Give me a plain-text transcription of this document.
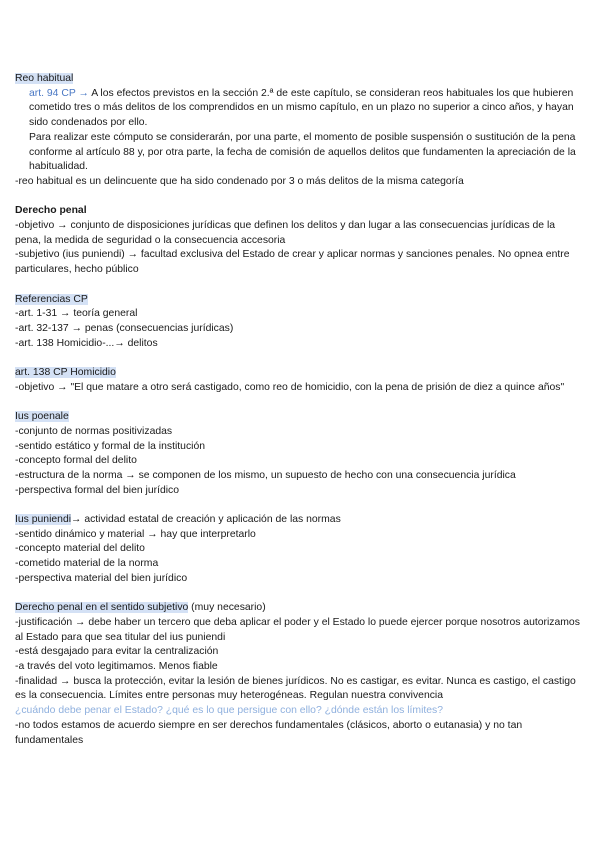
Reo habitual

art. 94 CP → A los efectos previstos en la sección 2.ª de este capítulo, se consideran reos habituales los que hubieren cometido tres o más delitos de los comprendidos en un mismo capítulo, en un plazo no superior a cinco años, y hayan sido condenados por ello.

Para realizar este cómputo se considerarán, por una parte, el momento de posible suspensión o sustitución de la pena conforme al artículo 88 y, por otra parte, la fecha de comisión de aquellos delitos que fundamenten la apreciación de la habitualidad.

-reo habitual es un delincuente que ha sido condenado por 3 o más delitos de la misma categoría

Derecho penal

-objetivo → conjunto de disposiciones jurídicas que definen los delitos y dan lugar a las consecuencias jurídicas de la pena, la medida de seguridad o la consecuencia accesoria

-subjetivo (ius puniendi) → facultad exclusiva del Estado de crear y aplicar normas y sanciones penales. No opnea entre particulares, hecho público

Referencias CP

-art. 1-31 → teoría general

-art. 32-137 → penas (consecuencias jurídicas)

-art. 138 Homicidio-...→ delitos

art. 138 CP Homicidio

-objetivo → "El que matare a otro será castigado, como reo de homicidio, con la pena de prisión de diez a quince años"

Ius poenale

-conjunto de normas positivizadas

-sentido estático y formal de la institución

-concepto formal del delito

-estructura de la norma → se componen de los mismo, un supuesto de hecho con una consecuencia jurídica

-perspectiva formal del bien jurídico

Ius puniendi→ actividad estatal de creación y aplicación de las normas

-sentido dinámico y material → hay que interpretarlo

-concepto material del delito

-cometido material de la norma

-perspectiva material del bien jurídico

Derecho penal en el sentido subjetivo (muy necesario)

-justificación → debe haber un tercero que deba aplicar el poder y el Estado lo puede ejercer porque nosotros autorizamos al Estado para que sea titular del ius puniendi

-está desgajado para evitar la centralización

-a través del voto legitimamos. Menos fiable

-finalidad → busca la protección, evitar la lesión de bienes jurídicos. No es castigar, es evitar. Nunca es castigo, el castigo es la consecuencia. Límites entre personas muy heterogéneas. Regulan nuestra convivencia

¿cuándo debe penar el Estado? ¿qué es lo que persigue con ello? ¿dónde están los límites?

-no todos estamos de acuerdo siempre en ser derechos fundamentales (clásicos, aborto o eutanasia) y no tan fundamentales
